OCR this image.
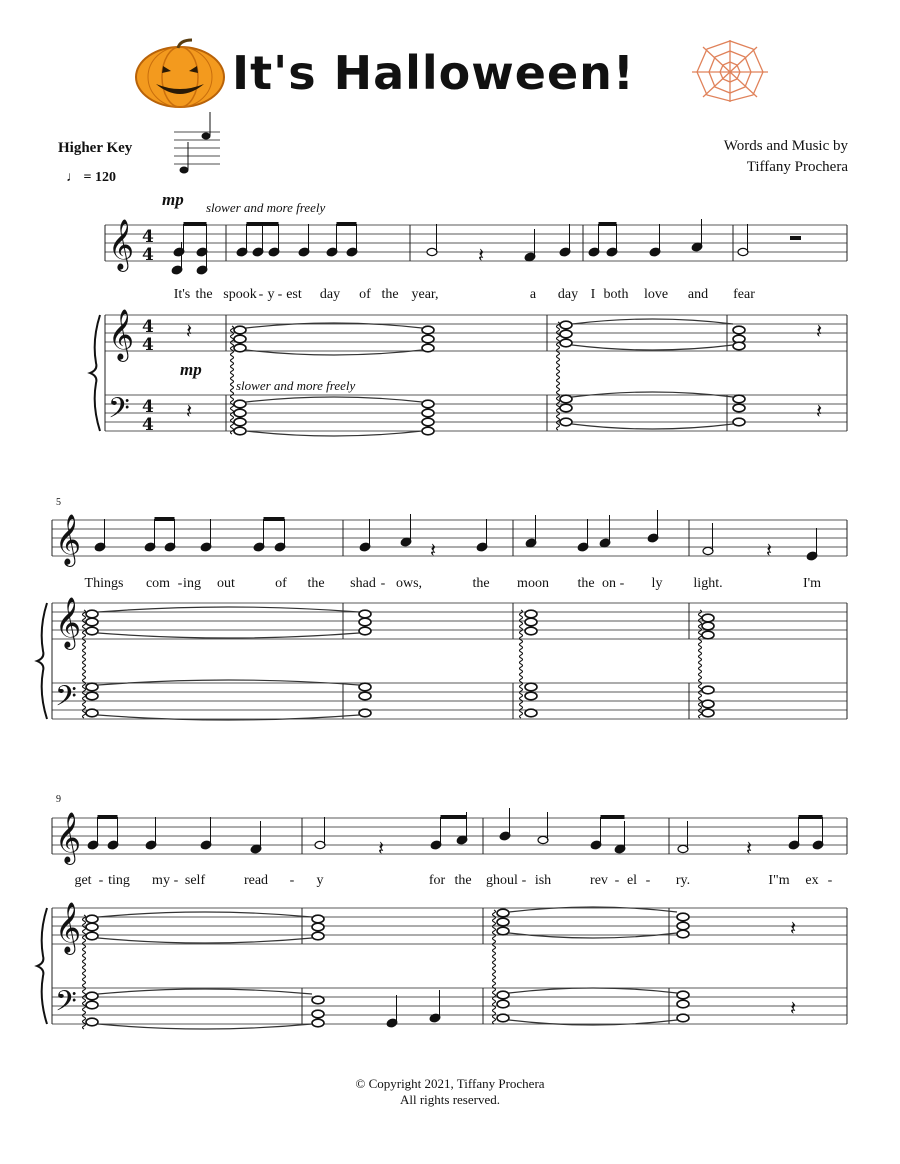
It's Halloween!
Higher Key
♩ = 120
Words and Music by
Tiffany Prochera
mp slower and more freely
mp
slower and more freely
5
9
It's the spook - y - est day of the year,	a day I both love and fear
Things com - ing out	of the shad - ows,	the moon the on - ly light.	I'm
get - ting my - self	read - y	for the ghoul - ish	rev - el - ry.	I"m ex -
© Copyright 2021, Tiffany Prochera
All rights reserved.
𝄞 4
4	𝄽
𝄞 4
4
𝄢 4
4
𝄽
𝄽
𝄽
𝄽
𝄞	𝄽	𝄽
𝄞
𝄢
𝄞	𝄽	𝄽
𝄞
𝄢
𝄽
𝄽
